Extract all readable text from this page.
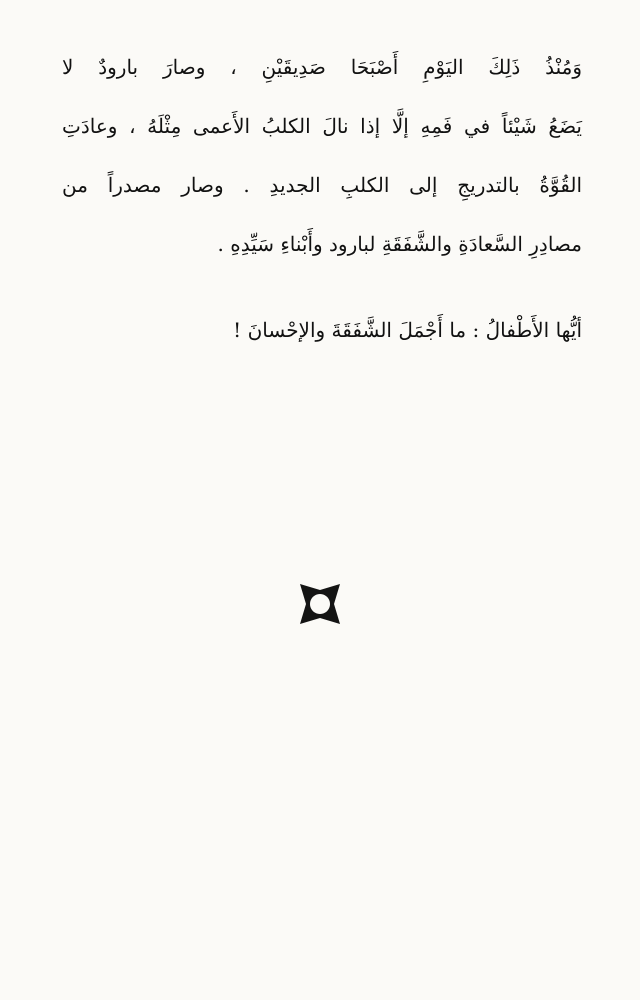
وَمُنْذُ ذَلِكَ اليَوْمِ أَصْبَحَا صَدِيقَيْنِ ، وصارَ بارودٌ لا
يَضَعُ شَيْئاً في فَمِهِ إلَّا إذا نالَ الكلبُ الأَعمى مِثْلَهُ ، وعادَتِ
القُوَّةُ بالتدريجِ إلى الكلبِ الجديدِ . وصار مصدراً من
مصادِرِ السَّعادَةِ والشَّفَقَةِ لبارود وأَبْناءِ سَيِّدِهِ .

أيُّها الأَطْفالُ : ما أَجْمَلَ الشَّفَقَةَ والإحْسانَ !
